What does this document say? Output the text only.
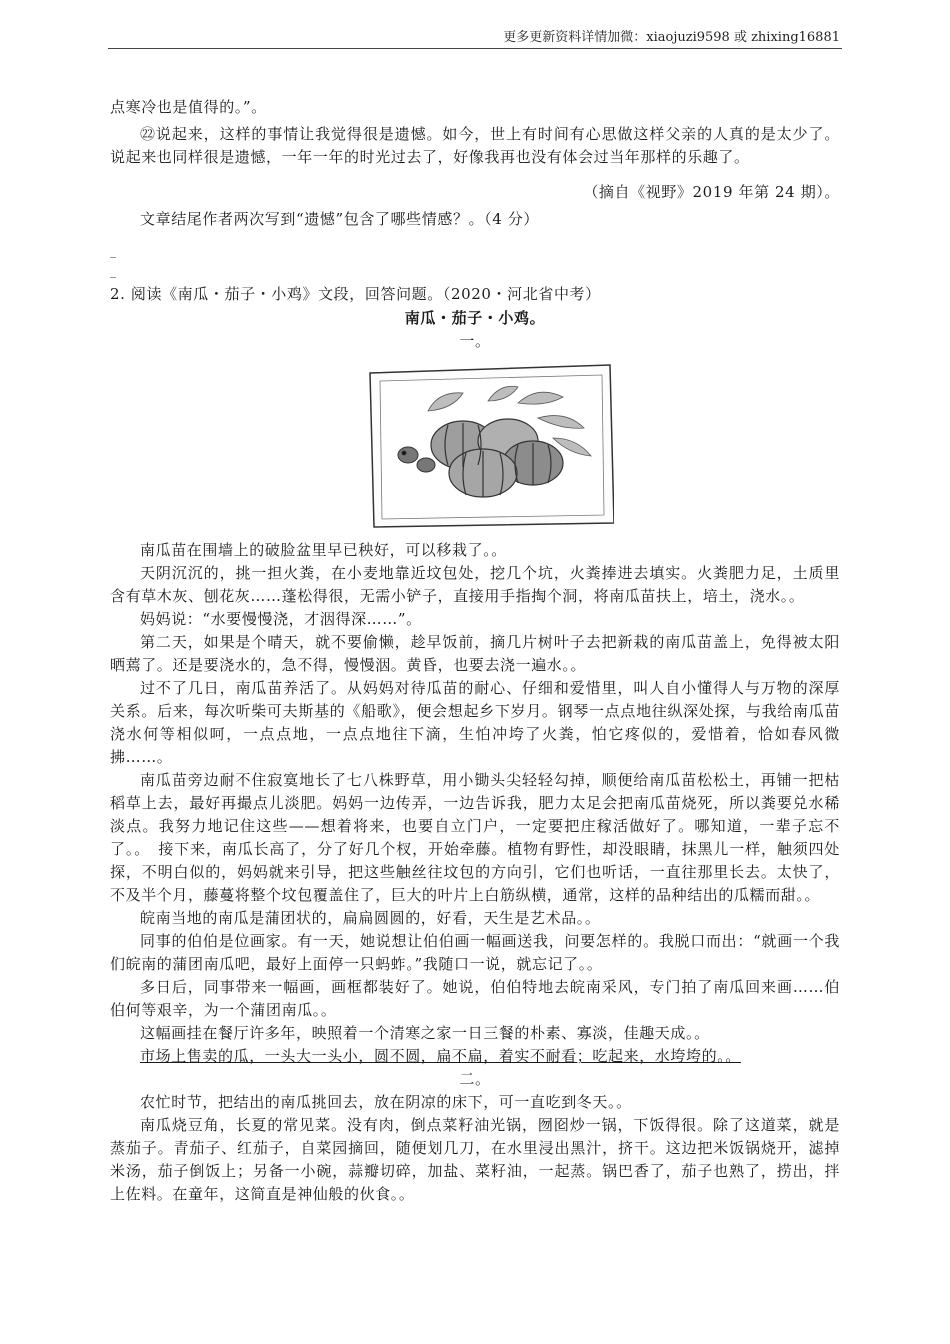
更多更新资料详情加微：xiaojuzi9598 或 zhixing16881

点寒冷也是值得的。”。

㉒说起来，这样的事情让我觉得很是遗憾。如今，世上有时间有心思做这样父亲的人真的是太少了。说起来也同样很是遗憾，一年一年的时光过去了，好像我再也没有体会过当年那样的乐趣了。

（摘自《视野》2019 年第 24 期）。

文章结尾作者两次写到“遗憾”包含了哪些情感？。（4 分）

_

_

2. 阅读《南瓜・茄子・小鸡》文段，回答问题。（2020・河北省中考）

南瓜・茄子・小鸡。

一。

南瓜苗在围墙上的破脸盆里早已秧好，可以移栽了。。

天阴沉沉的，挑一担火粪，在小麦地靠近坟包处，挖几个坑，火粪捧进去填实。火粪肥力足，土质里含有草木灰、刨花灰……蓬松得很，无需小铲子，直接用手指掏个洞，将南瓜苗扶上，培土，浇水。。

妈妈说：“水要慢慢浇，才洇得深……”。

第二天，如果是个晴天，就不要偷懒，趁早饭前，摘几片树叶子去把新栽的南瓜苗盖上，免得被太阳晒蔫了。还是要浇水的，急不得，慢慢洇。黄昏，也要去浇一遍水。。

过不了几日，南瓜苗养活了。从妈妈对待瓜苗的耐心、仔细和爱惜里，叫人自小懂得人与万物的深厚关系。后来，每次听柴可夫斯基的《船歌》，便会想起乡下岁月。钢琴一点点地往纵深处探，与我给南瓜苗浇水何等相似呵，一点点地，一点点地往下滴，生怕冲垮了火粪，怕它疼似的，爱惜着，恰如春风微拂……。

南瓜苗旁边耐不住寂寞地长了七八株野草，用小锄头尖轻轻勾掉，顺便给南瓜苗松松土，再铺一把枯稻草上去，最好再撮点儿淡肥。妈妈一边传弄，一边告诉我，肥力太足会把南瓜苗烧死，所以粪要兑水稀淡点。我努力地记住这些——想着将来，也要自立门户，一定要把庄稼活做好了。哪知道，一辈子忘不了。。　接下来，南瓜长高了，分了好几个杈，开始牵藤。植物有野性，却没眼睛，抹黑儿一样，触须四处探，不明白似的，妈妈就来引导，把这些触丝往坟包的方向引，它们也听话，一直往那里长去。太快了，不及半个月，藤蔓将整个坟包覆盖住了，巨大的叶片上白筋纵横，通常，这样的品种结出的瓜糯而甜。。

皖南当地的南瓜是蒲团状的，扁扁圆圆的，好看，天生是艺术品。。

同事的伯伯是位画家。有一天，她说想让伯伯画一幅画送我，问要怎样的。我脱口而出：“就画一个我们皖南的蒲团南瓜吧，最好上面停一只蚂蚱。”我随口一说，就忘记了。。

多日后，同事带来一幅画，画框都装好了。她说，伯伯特地去皖南采风，专门拍了南瓜回来画……伯伯何等艰辛，为一个蒲团南瓜。。

这幅画挂在餐厅许多年，映照着一个清寒之家一日三餐的朴素、寡淡，佳趣天成。。

市场上售卖的瓜，一头大一头小，圆不圆，扁不扁，着实不耐看；吃起来，水垮垮的。。

二。

农忙时节，把结出的南瓜挑回去，放在阴凉的床下，可一直吃到冬天。。

南瓜烧豆角，长夏的常见菜。没有肉，倒点菜籽油光锅，囫囵炒一锅，下饭得很。除了这道菜，就是蒸茄子。青茄子、红茄子，自菜园摘回，随便划几刀，在水里浸出黑汁，挤干。这边把米饭锅烧开，滤掉米汤，茄子倒饭上；另备一小碗，蒜瓣切碎，加盐、菜籽油，一起蒸。锅巴香了，茄子也熟了，捞出，拌上佐料。在童年，这简直是神仙般的伙食。。
